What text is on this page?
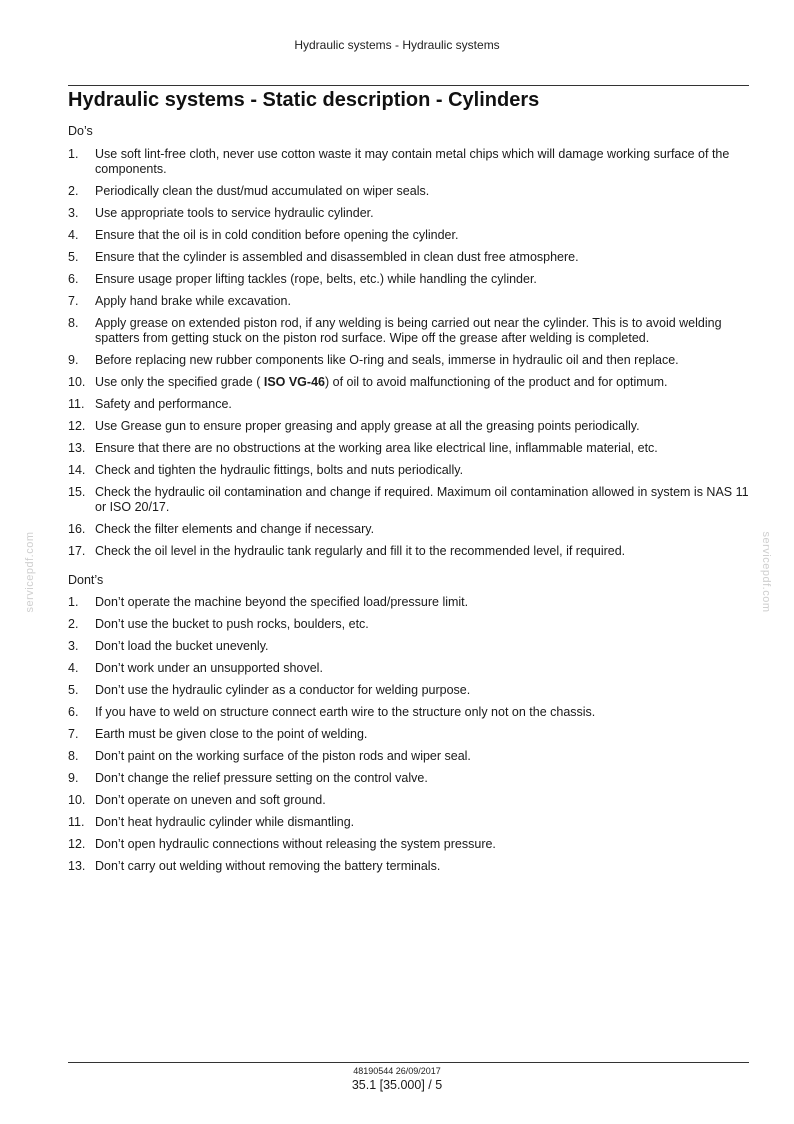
Hydraulic systems - Hydraulic systems
Hydraulic systems - Static description - Cylinders
Do’s
1. Use soft lint-free cloth, never use cotton waste it may contain metal chips which will damage working surface of the components.
2. Periodically clean the dust/mud accumulated on wiper seals.
3. Use appropriate tools to service hydraulic cylinder.
4. Ensure that the oil is in cold condition before opening the cylinder.
5. Ensure that the cylinder is assembled and disassembled in clean dust free atmosphere.
6. Ensure usage proper lifting tackles (rope, belts, etc.) while handling the cylinder.
7. Apply hand brake while excavation.
8. Apply grease on extended piston rod, if any welding is being carried out near the cylinder. This is to avoid welding spatters from getting stuck on the piston rod surface. Wipe off the grease after welding is completed.
9. Before replacing new rubber components like O-ring and seals, immerse in hydraulic oil and then replace.
10. Use only the specified grade ( ISO VG-46) of oil to avoid malfunctioning of the product and for optimum.
11. Safety and performance.
12. Use Grease gun to ensure proper greasing and apply grease at all the greasing points periodically.
13. Ensure that there are no obstructions at the working area like electrical line, inflammable material, etc.
14. Check and tighten the hydraulic fittings, bolts and nuts periodically.
15. Check the hydraulic oil contamination and change if required. Maximum oil contamination allowed in system is NAS 11 or ISO 20/17.
16. Check the filter elements and change if necessary.
17. Check the oil level in the hydraulic tank regularly and fill it to the recommended level, if required.
Dont’s
1. Don’t operate the machine beyond the specified load/pressure limit.
2. Don’t use the bucket to push rocks, boulders, etc.
3. Don’t load the bucket unevenly.
4. Don’t work under an unsupported shovel.
5. Don’t use the hydraulic cylinder as a conductor for welding purpose.
6. If you have to weld on structure connect earth wire to the structure only not on the chassis.
7. Earth must be given close to the point of welding.
8. Don’t paint on the working surface of the piston rods and wiper seal.
9. Don’t change the relief pressure setting on the control valve.
10. Don’t operate on uneven and soft ground.
11. Don’t heat hydraulic cylinder while dismantling.
12. Don’t open hydraulic connections without releasing the system pressure.
13. Don’t carry out welding without removing the battery terminals.
servicepdf.com	servicepdf.com
48190544 26/09/2017
35.1 [35.000] / 5
